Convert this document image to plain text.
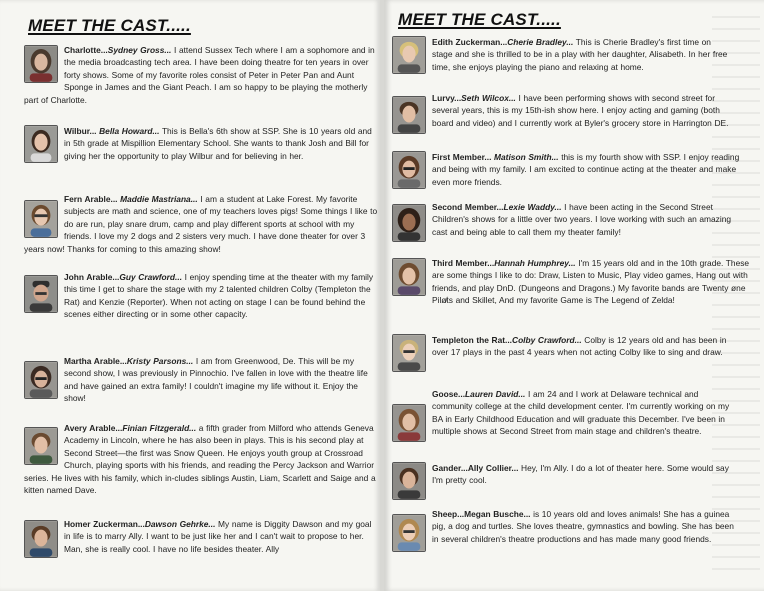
MEET THE CAST.....

Charlotte...Sydney Gross... I attend Sussex Tech where I am a sophomore and in the media broadcasting tech area. I have been doing theatre for ten years in over forty shows. Some of my favorite roles consist of Peter in Peter Pan and Aunt Sponge in James and the Giant Peach. I am so happy to be playing the motherly part of Charlotte.

Wilbur... Bella Howard... This is Bella's 6th show at SSP. She is 10 years old and in 5th grade at Mispillion Elementary School. She wants to thank Josh and Bill for giving her the opportunity to play Wilbur and for believing in her.

Fern Arable... Maddie Mastriana... I am a student at Lake Forest. My favorite subjects are math and science, one of my teachers loves pigs! Some things I like to do are run, play snare drum, camp and play different sports at school with my friends. I love my 2 dogs and 2 sisters very much. I have done theater for over 3 years now! Thanks for coming to this amazing show!

John Arable...Guy Crawford... I enjoy spending time at the theater with my family this time I get to share the stage with my 2 talented children Colby (Templeton the Rat) and Kenzie (Reporter). When not acting on stage I can be found behind the scenes either directing or in some other capacity.

Martha Arable...Kristy Parsons... I am from Greenwood, De. This will be my second show, I was previously in Pinnochio. I've fallen in love with the theatre life and have gained an extra family! I couldn't imagine my life without it. Enjoy the show!

Avery Arable...Finian Fitzgerald... a fifth grader from Milford who attends Geneva Academy in Lincoln, where he has also been in plays. This is his second play at Second Street—the first was Snow Queen. He enjoys youth group at Crossroad Church, playing sports with his friends, and reading the Percy Jackson and Warrior series. He lives with his family, which in-cludes siblings Austin, Liam, Scarlett and Saige and a kitten named Dave.

Homer Zuckerman...Dawson Gehrke... My name is Diggity Dawson and my goal in life is to marry Ally. I want to be just like her and I can't wait to propose to her. Man, she is really cool. I have no life besides theater. Ally

MEET THE CAST.....

Edith Zuckerman...Cherie Bradley... This is Cherie Bradley's first time on stage and she is thrilled to be in a play with her daughter, Alisabeth. In her free time, she enjoys playing the piano and relaxing at home.

Lurvy...Seth Wilcox... I have been performing shows with second street for several years, this is my 15th-ish show here. I enjoy acting and gaming (both board and video) and I currently work at Byler's grocery store in Harrington DE.

First Member... Matison Smith... this is my fourth show with SSP. I enjoy reading and being with my family. I am excited to continue acting at the theater and make even more friends.

Second Member...Lexie Waddy... I have been acting in the Second Street Children's shows for a little over two years. I love working with such an amazing cast and being able to call them my theater family!

Third Member...Hannah Humphrey... I'm 15 years old and in the 10th grade. These are some things I like to do: Draw, Listen to Music, Play video games, Hang out with friends, and play DnD. (Dungeons and Dragons.) My favorite bands are Twenty øne Pilø̸ts and Skillet, And my favorite Game is The Legend of Zelda!

Templeton the Rat...Colby Crawford... Colby is 12 years old and has been in over 17 plays in the past 4 years when not acting Colby like to sing and draw.

Goose...Lauren David... I am 24 and I work at Delaware technical and community college at the child development center. I'm currently working on my BA in Early Childhood Education and will graduate this December. I've been in multiple shows at Second Street from main stage and children's theatre.

Gander...Ally Collier... Hey, I'm Ally. I do a lot of theater here. Some would say I'm pretty cool.

Sheep...Megan Busche... is 10 years old and loves animals! She has a guinea pig, a dog and turtles. She loves theatre, gymnastics and bowling. She has been in several children's theatre productions and has made many good friends.
